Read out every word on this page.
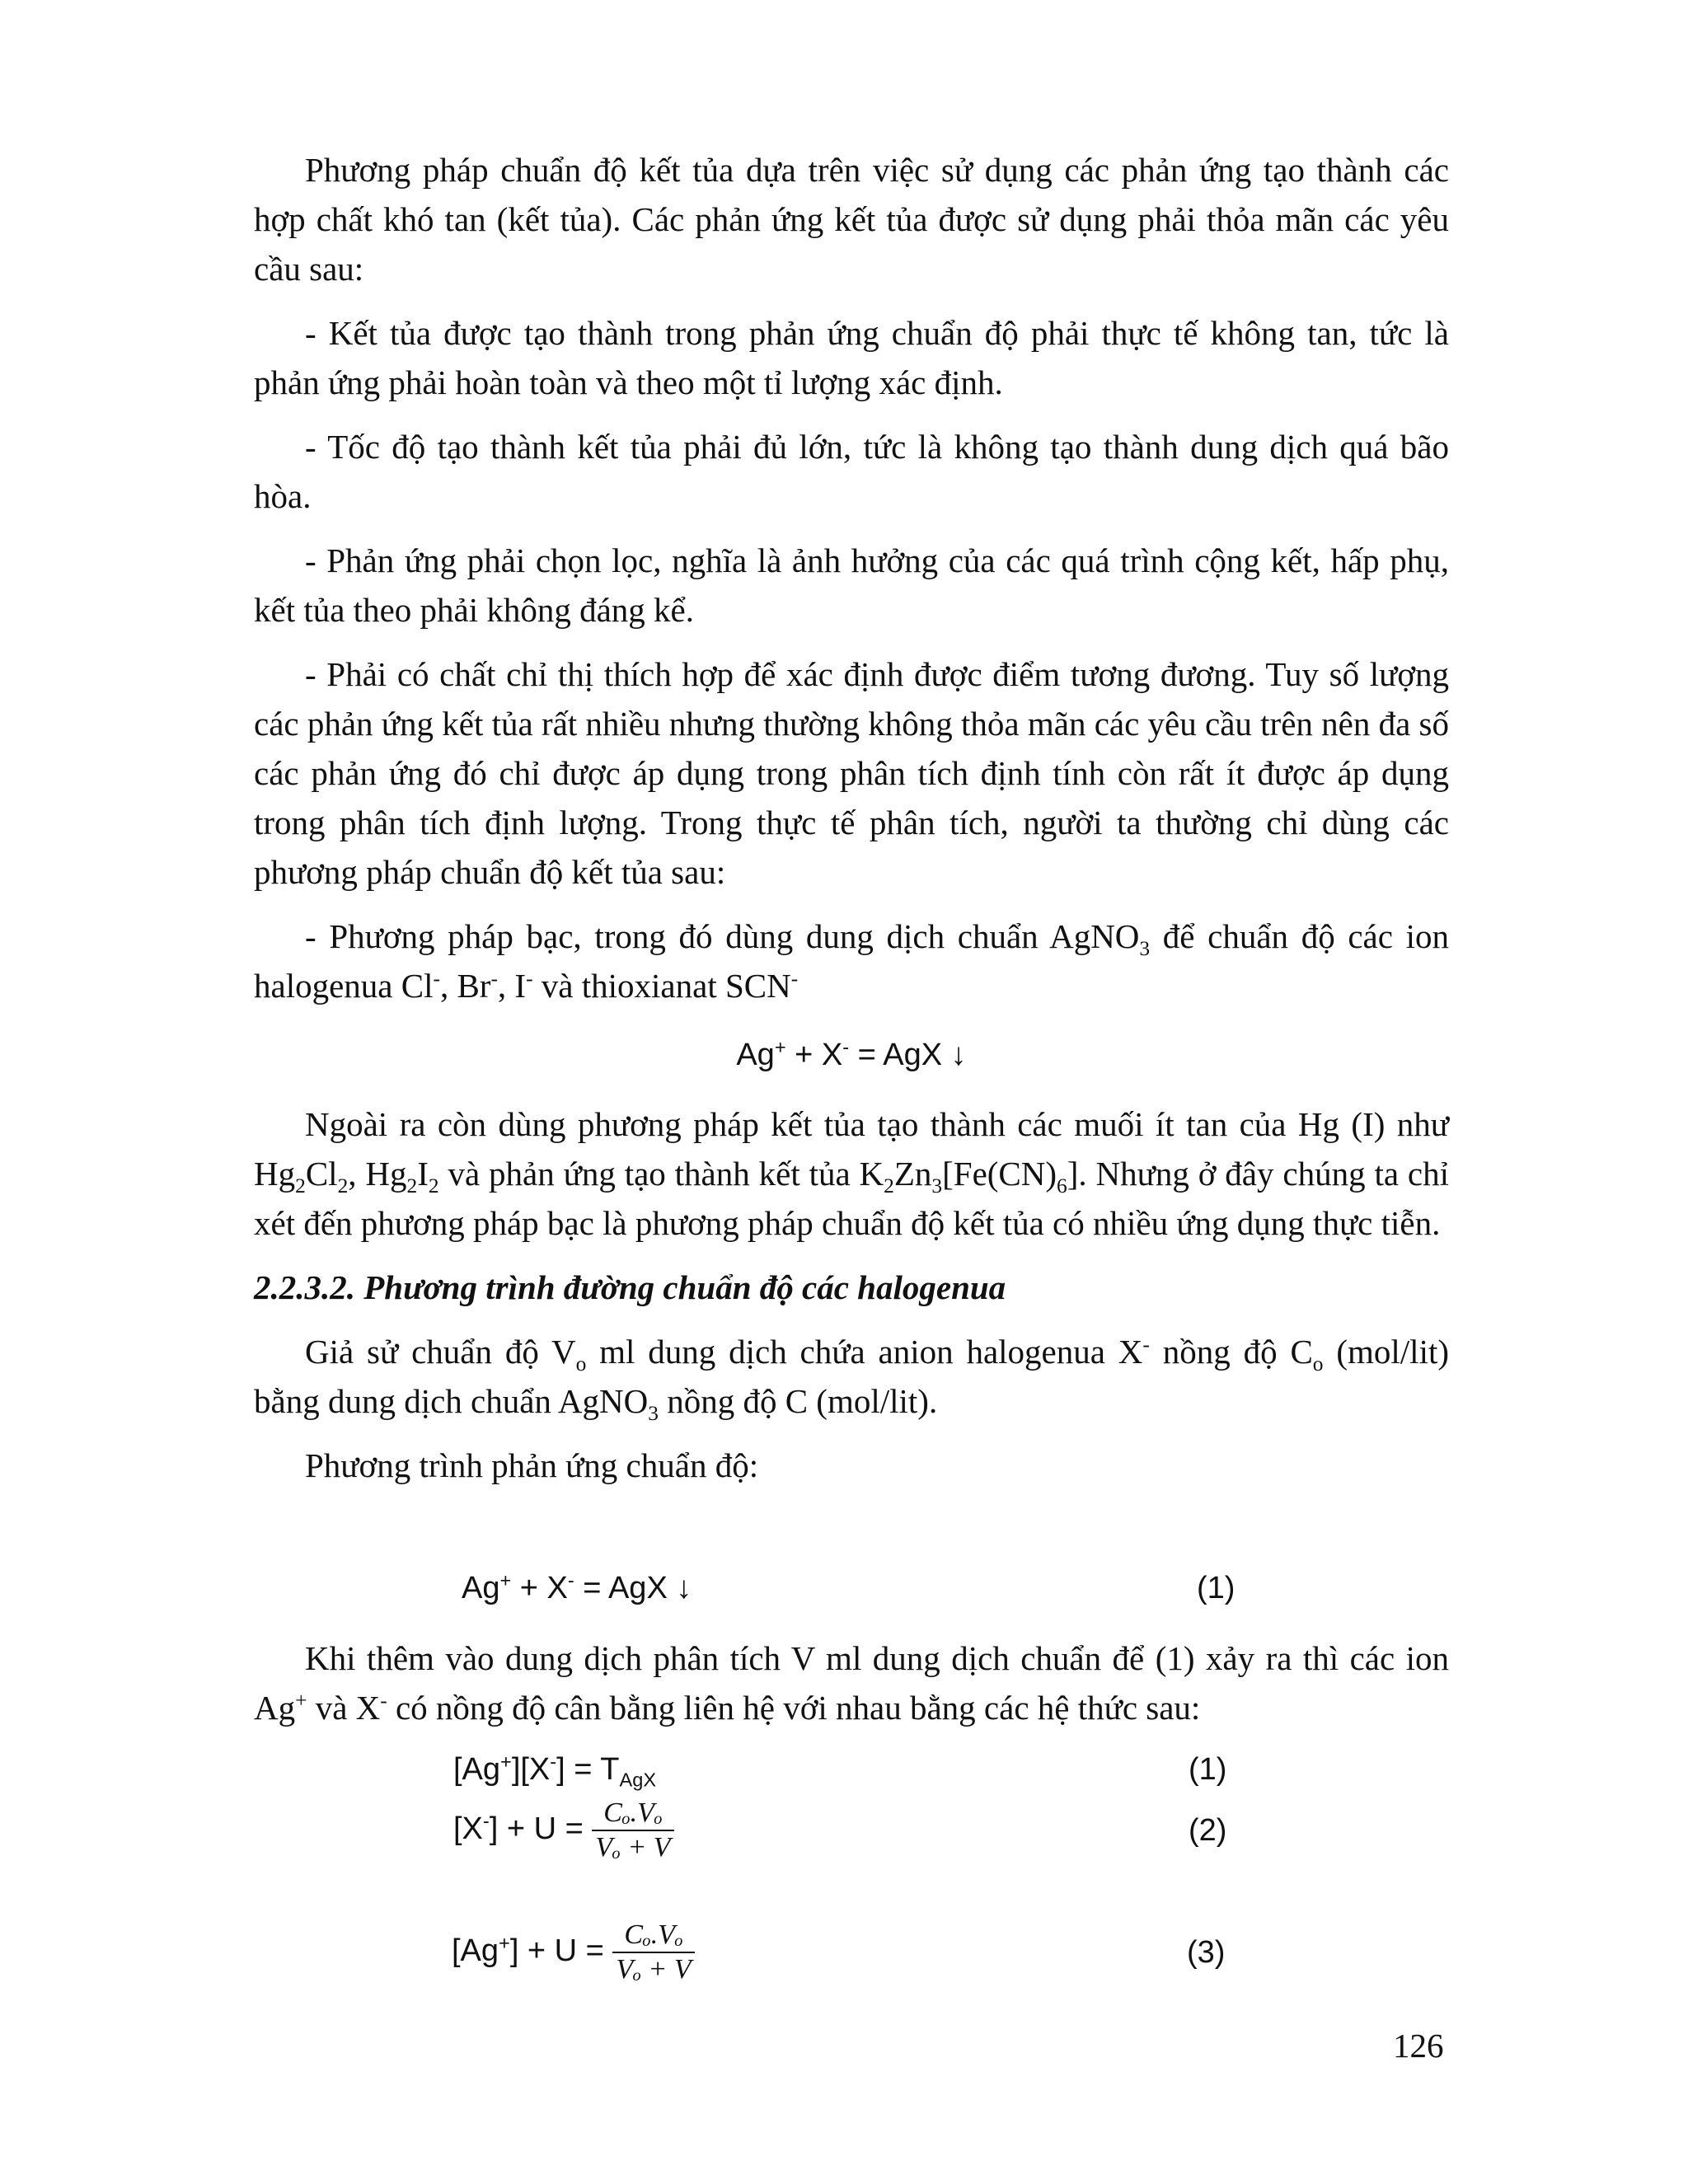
Phương pháp chuẩn độ kết tủa dựa trên việc sử dụng các phản ứng tạo thành các hợp chất khó tan (kết tủa). Các phản ứng kết tủa được sử dụng phải thỏa mãn các yêu cầu sau:

- Kết tủa được tạo thành trong phản ứng chuẩn độ phải thực tế không tan, tức là phản ứng phải hoàn toàn và theo một tỉ lượng xác định.

- Tốc độ tạo thành kết tủa phải đủ lớn, tức là không tạo thành dung dịch quá bão hòa.

- Phản ứng phải chọn lọc, nghĩa là ảnh hưởng của các quá trình cộng kết, hấp phụ, kết tủa theo phải không đáng kể.

- Phải có chất chỉ thị thích hợp để xác định được điểm tương đương. Tuy số lượng các phản ứng kết tủa rất nhiều nhưng thường không thỏa mãn các yêu cầu trên nên đa số các phản ứng đó chỉ được áp dụng trong phân tích định tính còn rất ít được áp dụng trong phân tích định lượng. Trong thực tế phân tích, người ta thường chỉ dùng các phương pháp chuẩn độ kết tủa sau:

- Phương pháp bạc, trong đó dùng dung dịch chuẩn AgNO$_3$ để chuẩn độ các ion halogenua Cl-, Br-, I- và thioxianat SCN-

Ag+ + X- = AgX ↓

Ngoài ra còn dùng phương pháp kết tủa tạo thành các muối ít tan của Hg (I) như $Hg_2Cl_2$, $Hg_2I_2$ và phản ứng tạo thành kết tủa $K_2Zn_3[Fe(CN)_6]$. Nhưng ở đây chúng ta chỉ xét đến phương pháp bạc là phương pháp chuẩn độ kết tủa có nhiều ứng dụng thực tiễn.

2.2.3.2. Phương trình đường chuẩn độ các halogenua

Giả sử chuẩn độ $V_o$ ml dung dịch chứa anion halogenua X- nồng độ $C_o$ (mol/lit) bằng dung dịch chuẩn AgNO$_3$ nồng độ C (mol/lit).

Phương trình phản ứng chuẩn độ:

Ag+ + X- = AgX ↓	(1)

Khi thêm vào dung dịch phân tích V ml dung dịch chuẩn để (1) xảy ra thì các ion Ag+ và X- có nồng độ cân bằng liên hệ với nhau bằng các hệ thức sau:

$[Ag^+][X^-] = T_{AgX}$	(1)
$[X^-] + U = \frac{\text{Cₒ.Vₒ}}{\text{Vₒ + V}}$	(2)
$[Ag^+] + U = \frac{\text{Cₒ.Vₒ}}{\text{Vₒ + V}}$	(3)
126
